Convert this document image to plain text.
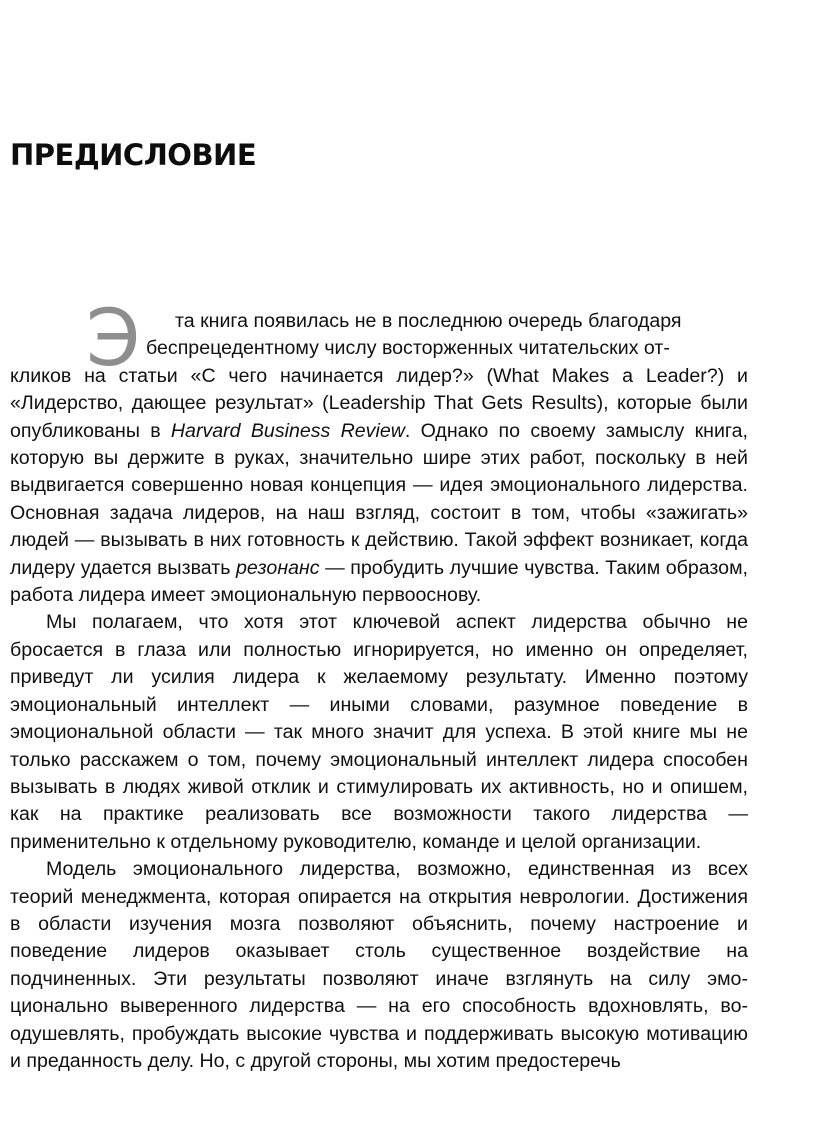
ПРЕДИСЛОВИЕ

Э	та книга появилась не в последнюю очередь благодаря
беспрецедентному числу восторженных читательских от-
кликов на статьи «С чего начинается лидер?» (What Makes a Leader?) и «Лидерство, дающее результат» (Leadership That Gets Results), которые были опубликованы в Harvard Business Review. Однако по своему замыслу книга, которую вы держите в руках, значительно шире этих работ, поскольку в ней выдвигается совершенно новая концепция — идея эмоционального лидерства. Основная задача лидеров, на наш взгляд, состоит в том, чтобы «зажигать» людей — вызывать в них готовность к действию. Такой эффект возникает, когда лидеру удается вызвать резонанс — пробудить лучшие чувства. Таким образом, работа лидера имеет эмоциональную первооснову.

Мы полагаем, что хотя этот ключевой аспект лидерства обычно не бросается в глаза или полностью игнорируется, но именно он определяет, приведут ли усилия лидера к желаемому результату. Именно поэтому эмоциональный интеллект — иными словами, разумное поведение в эмоциональной области — так много значит для успеха. В этой книге мы не только расскажем о том, почему эмоциональный интеллект лидера способен вызывать в людях живой отклик и стимулировать их активность, но и опишем, как на практике реализовать все возможности такого лидерства — применительно к отдельному руководителю, команде и целой организации.

Модель эмоционального лидерства, возможно, единственная из всех теорий менеджмента, которая опирается на открытия неврологии. Достижения в области изучения мозга позволяют объяснить, почему настроение и поведение лидеров оказывает столь существенное воздействие на подчиненных. Эти результаты позволяют иначе взглянуть на силу эмоционально выверенного лидерства — на его способность вдохновлять, воодушевлять, пробуждать высокие чувства и поддерживать высокую мотивацию и преданность делу. Но, с другой стороны, мы хотим предостеречь
